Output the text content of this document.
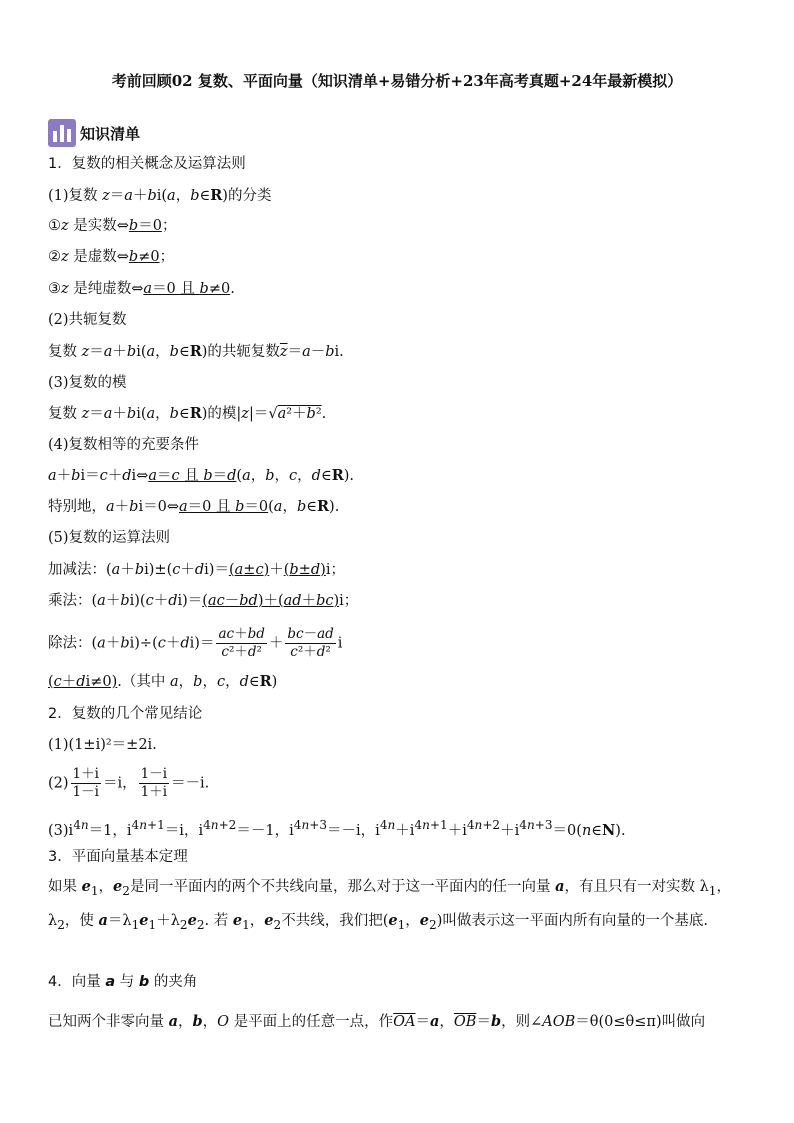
考前回顾02 复数、平面向量（知识清单+易错分析+23年高考真题+24年最新模拟）
知识清单
1．复数的相关概念及运算法则
(1)复数 z＝a＋bi(a，b∈R)的分类
①z 是实数⇔b＝0；
②z 是虚数⇔b≠0；
③z 是纯虚数⇔a＝0 且 b≠0.
(2)共轭复数
复数 z＝a＋bi(a，b∈R)的共轭复数$\overline{z}=a-bi$.
(3)复数的模
复数 z＝a＋bi(a，b∈R)的模|z|＝√a²＋b².
(4)复数相等的充要条件
a＋bi＝c＋di⇔a＝c 且 b＝d(a，b，c，d∈R).
特别地，a＋bi＝0⇔a＝0 且 b＝0(a，b∈R).
(5)复数的运算法则
加减法：(a＋bi)±(c＋di)＝(a±c)＋(b±d)i；
乘法：(a＋bi)(c＋di)＝(ac－bd)＋(ad＋bc)i；
除法：$(a+bi)\div(c+di)= \frac{ac+bd}{\text{c²＋d²}} + \frac{bc-ad}{\text{c²＋d²}}$ i
(c＋di≠0).（其中 a，b，c，d∈R)
2．复数的几个常见结论
(1)(1±i)²＝±2i.
$(2) \frac{1+i}{1-i} =i$， $\frac{1-i}{1+i} =-i$.
$(3)i^{4n}=1$，$i^{4n+1}=i$，$i^{4n+2}=-1$，$i^{4n+3}=-i$，$i^{4n}+i^{4n+1}+i^{4n+2}+i^{4n+3}=0(n\in N)$.
3．平面向量基本定理
如果 $e_1$，$e_2$是同一平面内的两个不共线向量，那么对于这一平面内的任一向量 a，有且只有一对实数 $\lambda_1$，$\lambda_2$，使 $a=\lambda_1e_1+\lambda_2e_2$. 若 $e_1$，$e_2$不共线，我们把($e_1$，$e_2$)叫做表示这一平面内所有向量的一个基底.
4．向量 a 与 b 的夹角
已知两个非零向量 a，b，O 是平面上的任意一点，作$\overline{OA}=a$，$\overline{OB}=b$，则∠AOB＝θ(0≤θ≤π)叫做向
